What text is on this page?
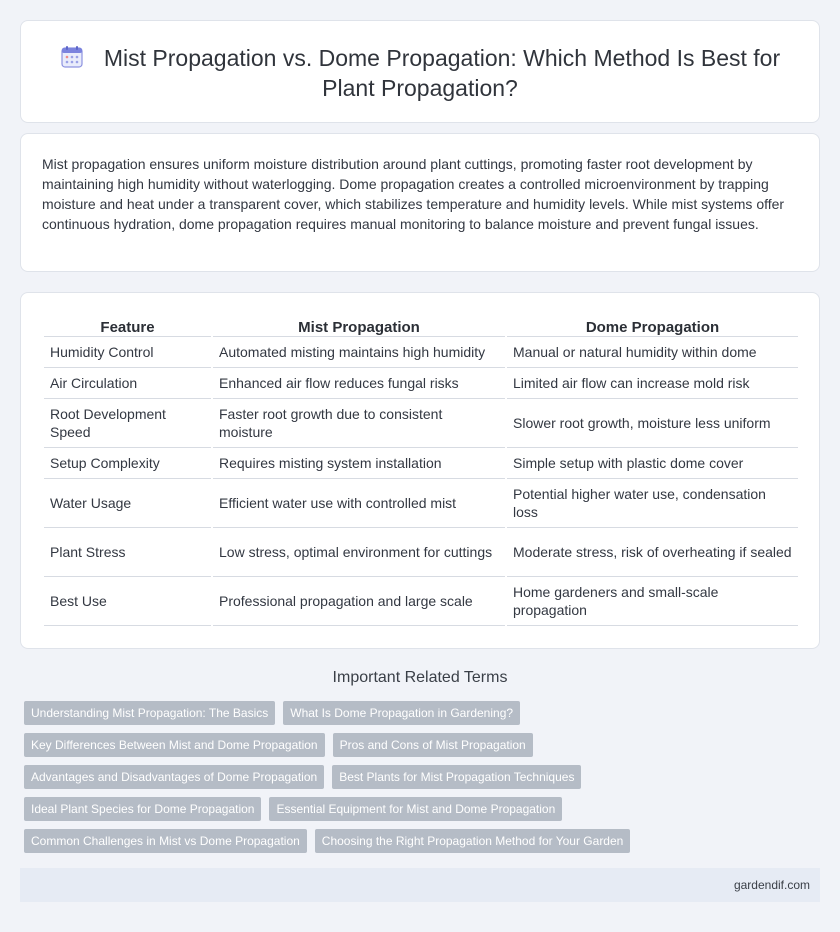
Mist Propagation vs. Dome Propagation: Which Method Is Best for Plant Propagation?

Mist propagation ensures uniform moisture distribution around plant cuttings, promoting faster root development by maintaining high humidity without waterlogging. Dome propagation creates a controlled microenvironment by trapping moisture and heat under a transparent cover, which stabilizes temperature and humidity levels. While mist systems offer continuous hydration, dome propagation requires manual monitoring to balance moisture and prevent fungal issues.

Feature	Mist Propagation	Dome Propagation
Humidity Control	Automated misting maintains high humidity	Manual or natural humidity within dome
Air Circulation	Enhanced air flow reduces fungal risks	Limited air flow can increase mold risk
Root Development Speed	Faster root growth due to consistent moisture	Slower root growth, moisture less uniform
Setup Complexity	Requires misting system installation	Simple setup with plastic dome cover
Water Usage	Efficient water use with controlled mist	Potential higher water use, condensation loss
Plant Stress	Low stress, optimal environment for cuttings	Moderate stress, risk of overheating if sealed
Best Use	Professional propagation and large scale	Home gardeners and small-scale propagation
Important Related Terms
Understanding Mist Propagation: The Basics	What Is Dome Propagation in Gardening?
Key Differences Between Mist and Dome Propagation	Pros and Cons of Mist Propagation
Advantages and Disadvantages of Dome Propagation	Best Plants for Mist Propagation Techniques
Ideal Plant Species for Dome Propagation	Essential Equipment for Mist and Dome Propagation
Common Challenges in Mist vs Dome Propagation	Choosing the Right Propagation Method for Your Garden
gardendif.com
